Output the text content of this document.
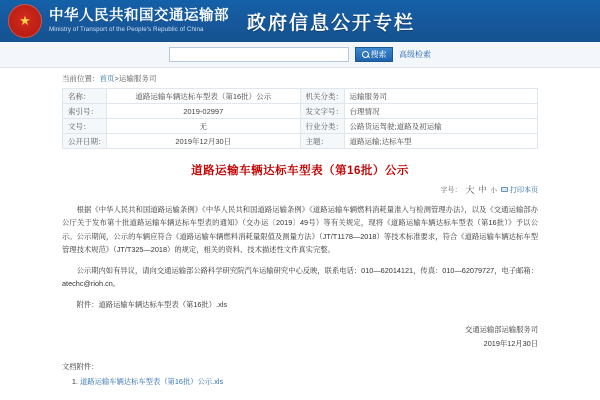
★
中华人民共和国交通运输部
Ministry of Transport of the People's Republic of China	政府信息公开专栏
搜索 高级检索
当前位置：首页>运输服务司
名称：	道路运输车辆达标车型表（第16批）公示	机关分类：	运输服务司
索引号：	2019-02997	发文字号：	台理情况
文号：	无	行业分类：	公路货运驾驶;道路及初运输
公开日期：	2019年12月30日	主题：	道路运输;达标车型
道路运输车辆达标车型表（第16批）公示
字号： 大 中 小 打印本页

根据《中华人民共和国道路运输条例》《中华人民共和国道路运输条例》《道路运输车辆燃料消耗量准入与检测管理办法》，以及《交通运输部办公厅关于发布第十批道路运输车辆达标车型表的通知》（交办运〔2019〕49号）等有关规定，现将《道路运输车辆达标车型表（第16批）》予以公示。公示期间，公示的车辆应符合《道路运输车辆燃料消耗量限值及测量方法》（JT/T1178—2018）等技术标准要求，符合《道路运输车辆达标车型管理技术规范》（JT/T325—2018）的规定，相关的资料、技术描述性文件真实完整。

公示期内如有异议，请向交通运输部公路科学研究院汽车运输研究中心反映，联系电话：010—62014121，传真：010—62079727，电子邮箱：atechc@rioh.cn。

附件：道路运输车辆达标车型表（第16批）.xls

交通运输部运输服务司
2019年12月30日
文档附件：
1. 道路运输车辆达标车型表（第16批）公示.xls
